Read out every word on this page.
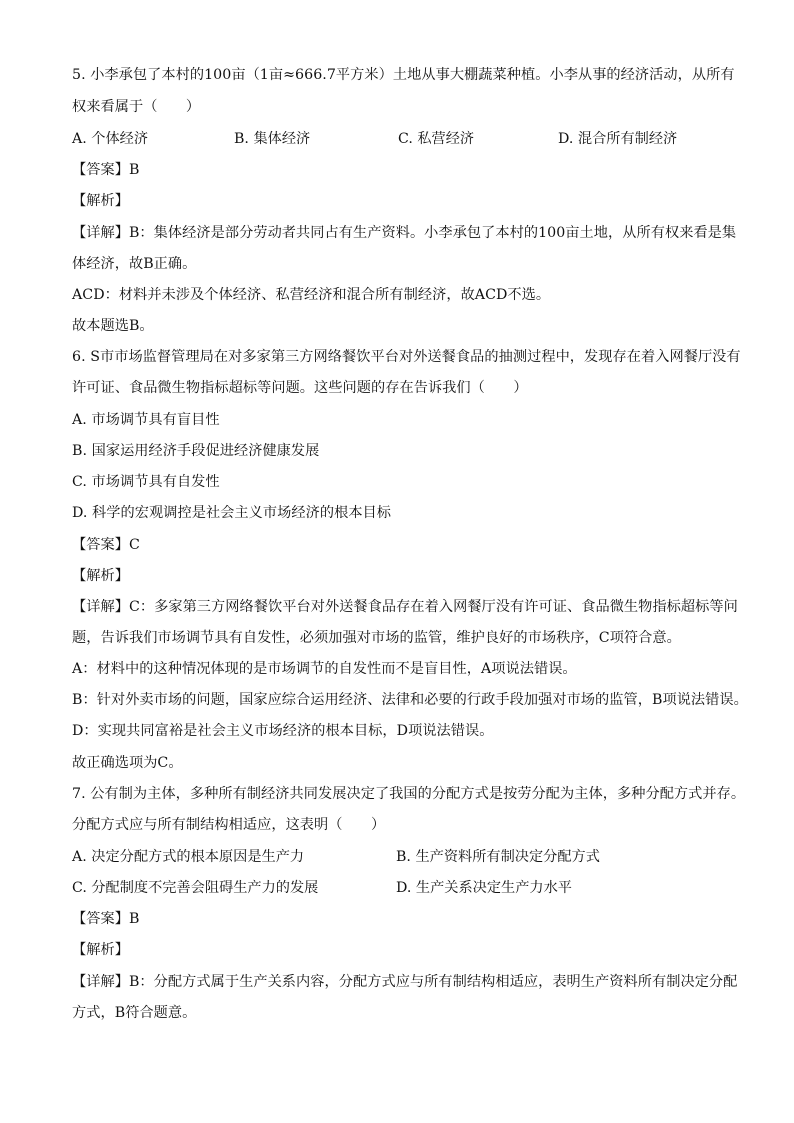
5. 小李承包了本村的100亩（1亩≈666.7平方米）土地从事大棚蔬菜种植。小李从事的经济活动，从所有
权来看属于（　　）
A. 个体经济	B. 集体经济	C. 私营经济	D. 混合所有制经济
【答案】B
【解析】
【详解】B：集体经济是部分劳动者共同占有生产资料。小李承包了本村的100亩土地，从所有权来看是集
体经济，故B正确。
ACD：材料并未涉及个体经济、私营经济和混合所有制经济，故ACD不选。
故本题选B。
6. S市市场监督管理局在对多家第三方网络餐饮平台对外送餐食品的抽测过程中，发现存在着入网餐厅没有
许可证、食品微生物指标超标等问题。这些问题的存在告诉我们（　　）
A. 市场调节具有盲目性
B. 国家运用经济手段促进经济健康发展
C. 市场调节具有自发性
D. 科学的宏观调控是社会主义市场经济的根本目标
【答案】C
【解析】
【详解】C：多家第三方网络餐饮平台对外送餐食品存在着入网餐厅没有许可证、食品微生物指标超标等问
题，告诉我们市场调节具有自发性，必须加强对市场的监管，维护良好的市场秩序，C项符合意。
A：材料中的这种情况体现的是市场调节的自发性而不是盲目性，A项说法错误。
B：针对外卖市场的问题，国家应综合运用经济、法律和必要的行政手段加强对市场的监管，B项说法错误。
D：实现共同富裕是社会主义市场经济的根本目标，D项说法错误。
故正确选项为C。
7. 公有制为主体，多种所有制经济共同发展决定了我国的分配方式是按劳分配为主体，多种分配方式并存。
分配方式应与所有制结构相适应，这表明（　　）
A. 决定分配方式的根本原因是生产力	B. 生产资料所有制决定分配方式
C. 分配制度不完善会阻碍生产力的发展	D. 生产关系决定生产力水平
【答案】B
【解析】
【详解】B：分配方式属于生产关系内容，分配方式应与所有制结构相适应，表明生产资料所有制决定分配
方式，B符合题意。
